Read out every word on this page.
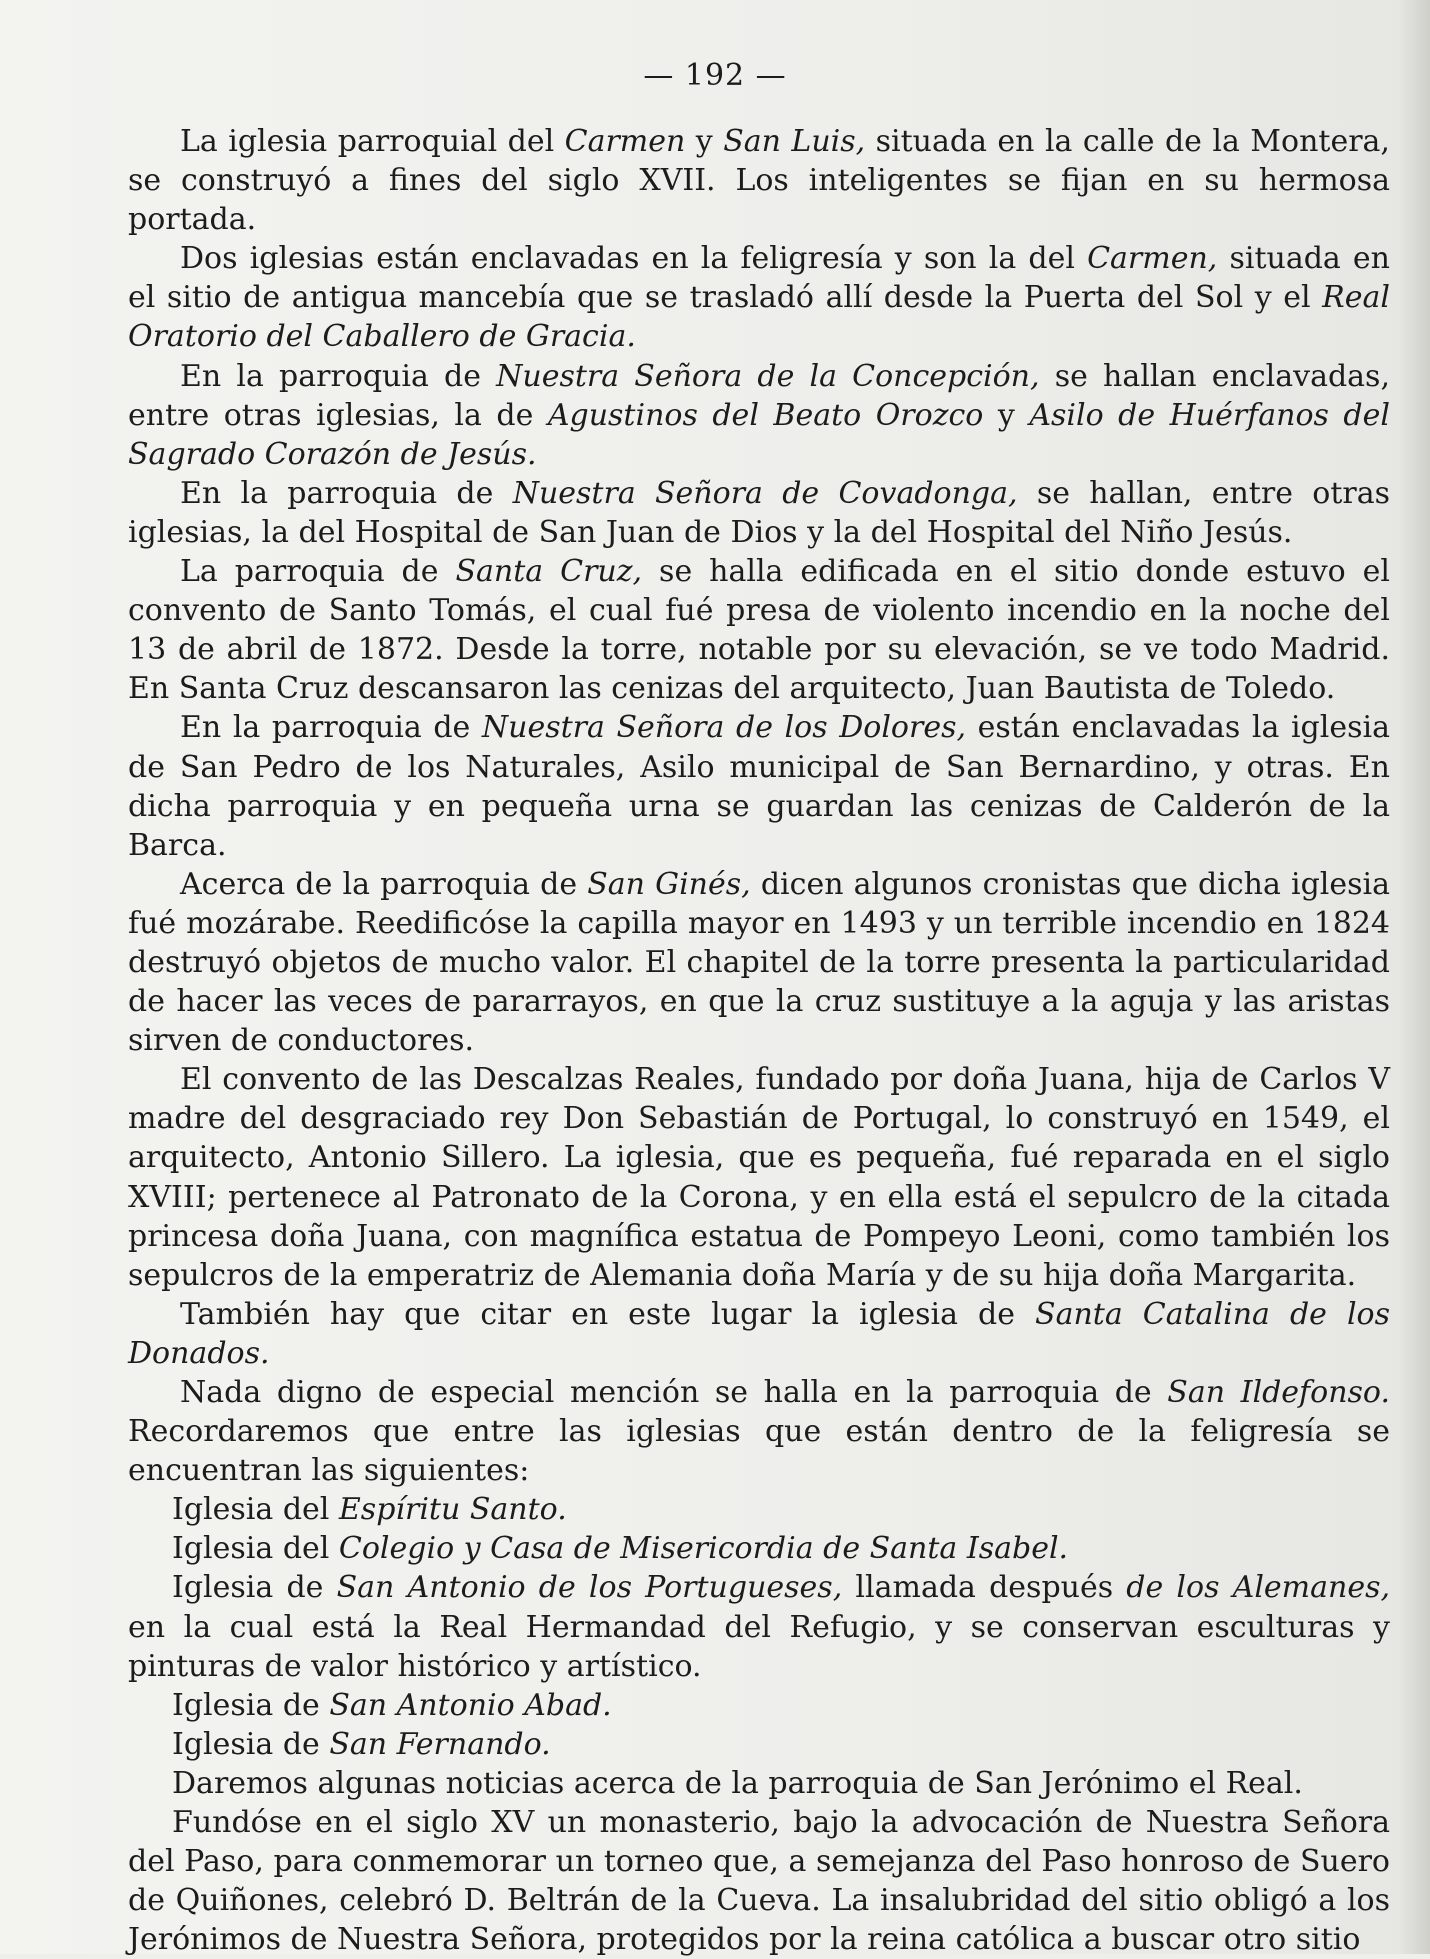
— 192 —

La iglesia parroquial del Carmen y San Luis, situada en la calle de la Montera, se construyó a fines del siglo XVII. Los inteligentes se fijan en su hermosa portada.

Dos iglesias están enclavadas en la feligresía y son la del Carmen, situada en el sitio de antigua mancebía que se trasladó allí desde la Puerta del Sol y el Real Oratorio del Caballero de Gracia.

En la parroquia de Nuestra Señora de la Concepción, se hallan enclavadas, entre otras iglesias, la de Agustinos del Beato Orozco y Asilo de Huérfanos del Sagrado Corazón de Jesús.

En la parroquia de Nuestra Señora de Covadonga, se hallan, entre otras iglesias, la del Hospital de San Juan de Dios y la del Hospital del Niño Jesús.

La parroquia de Santa Cruz, se halla edificada en el sitio donde estuvo el convento de Santo Tomás, el cual fué presa de violento incendio en la noche del 13 de abril de 1872. Desde la torre, notable por su elevación, se ve todo Madrid. En Santa Cruz descansaron las cenizas del arquitecto, Juan Bautista de Toledo.

En la parroquia de Nuestra Señora de los Dolores, están enclavadas la iglesia de San Pedro de los Naturales, Asilo municipal de San Bernardino, y otras. En dicha parroquia y en pequeña urna se guardan las cenizas de Calderón de la Barca.

Acerca de la parroquia de San Ginés, dicen algunos cronistas que dicha iglesia fué mozárabe. Reedificóse la capilla mayor en 1493 y un terrible incendio en 1824 destruyó objetos de mucho valor. El chapitel de la torre presenta la particularidad de hacer las veces de pararrayos, en que la cruz sustituye a la aguja y las aristas sirven de conductores.

El convento de las Descalzas Reales, fundado por doña Juana, hija de Carlos V madre del desgraciado rey Don Sebastián de Portugal, lo construyó en 1549, el arquitecto, Antonio Sillero. La iglesia, que es pequeña, fué reparada en el siglo XVIII; pertenece al Patronato de la Corona, y en ella está el sepulcro de la citada princesa doña Juana, con magnífica estatua de Pompeyo Leoni, como también los sepulcros de la emperatriz de Alemania doña María y de su hija doña Margarita.

También hay que citar en este lugar la iglesia de Santa Catalina de los Donados.

Nada digno de especial mención se halla en la parroquia de San Ildefonso. Recordaremos que entre las iglesias que están dentro de la feligresía se encuentran las siguientes:

Iglesia del Espíritu Santo.

Iglesia del Colegio y Casa de Misericordia de Santa Isabel.

Iglesia de San Antonio de los Portugueses, llamada después de los Alemanes, en la cual está la Real Hermandad del Refugio, y se conservan esculturas y pinturas de valor histórico y artístico.

Iglesia de San Antonio Abad.

Iglesia de San Fernando.

Daremos algunas noticias acerca de la parroquia de San Jerónimo el Real.

Fundóse en el siglo XV un monasterio, bajo la advocación de Nuestra Señora del Paso, para conmemorar un torneo que, a semejanza del Paso honroso de Suero de Quiñones, celebró D. Beltrán de la Cueva. La insalubridad del sitio obligó a los Jerónimos de Nuestra Señora, protegidos por la reina católica a buscar otro sitio
